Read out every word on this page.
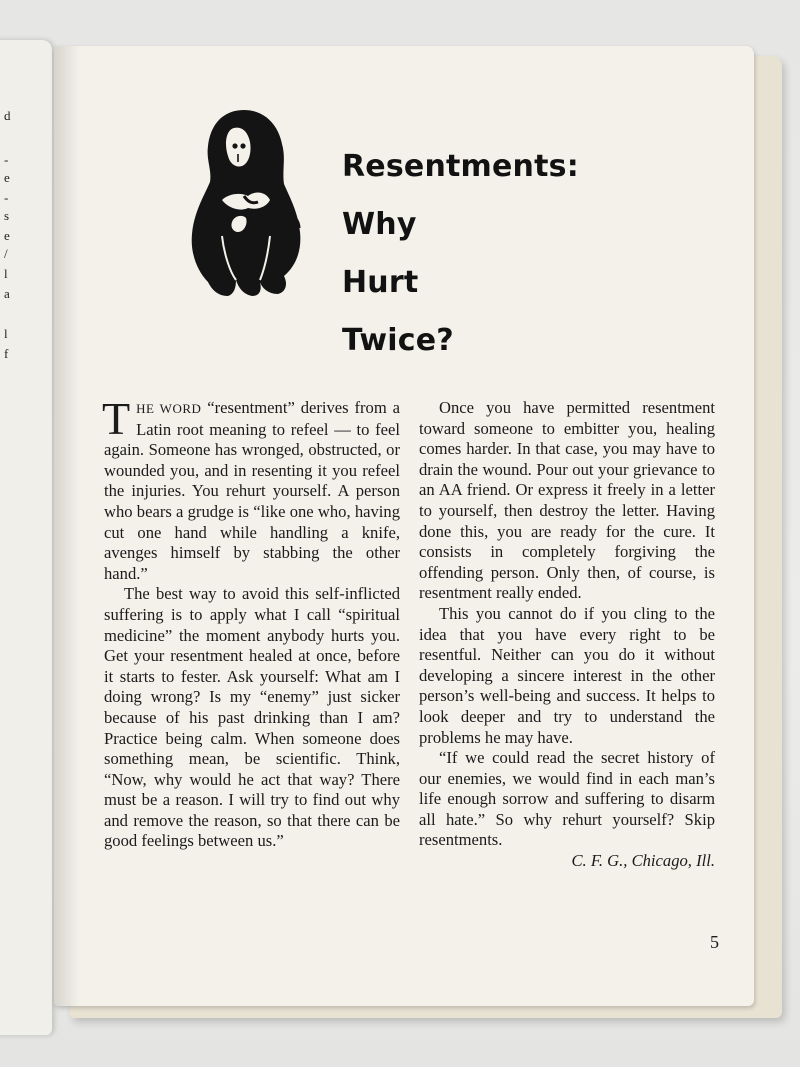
d
-
e
-
s
e
/
l
a
l
f
Resentments:
Why
Hurt
Twice?

THE WORD “resentment” derives from a Latin root meaning to refeel — to feel again. Someone has wronged, obstructed, or wounded you, and in resenting it you refeel the injuries. You rehurt yourself. A person who bears a grudge is “like one who, having cut one hand while handling a knife, avenges himself by stabbing the other hand.”

The best way to avoid this self-inflicted suffering is to apply what I call “spiritual medicine” the moment anybody hurts you. Get your resentment healed at once, before it starts to fester. Ask yourself: What am I doing wrong? Is my “enemy” just sicker because of his past drinking than I am? Practice being calm. When someone does something mean, be scientific. Think, “Now, why would he act that way? There must be a reason. I will try to find out why and remove the reason, so that there can be good feelings between us.”

Once you have permitted resentment toward someone to embitter you, healing comes harder. In that case, you may have to drain the wound. Pour out your grievance to an AA friend. Or express it freely in a letter to yourself, then destroy the letter. Having done this, you are ready for the cure. It consists in completely forgiving the offending person. Only then, of course, is resentment really ended.

This you cannot do if you cling to the idea that you have every right to be resentful. Neither can you do it without developing a sincere interest in the other person’s well-being and success. It helps to look deeper and try to understand the problems he may have.

“If we could read the secret history of our enemies, we would find in each man’s life enough sorrow and suffering to disarm all hate.” So why rehurt yourself? Skip resentments.

C. F. G., Chicago, Ill.

5
